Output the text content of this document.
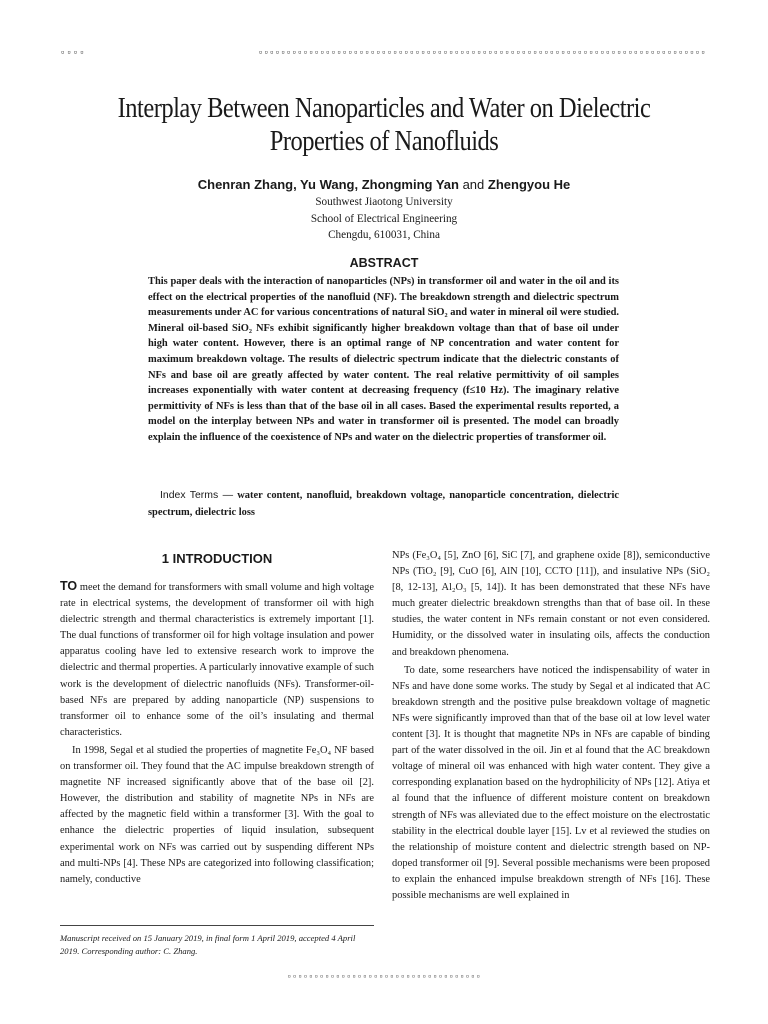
▫▫▫▫	▫▫▫▫▫▫▫▫▫▫▫▫▫▫▫▫▫▫▫▫▫▫▫▫▫▫▫▫▫▫▫▫▫▫▫▫▫▫▫▫▫▫▫▫▫▫▫▫▫▫▫▫▫▫▫▫▫▫▫▫▫▫▫▫▫▫▫▫▫▫▫▫▫▫▫▫▫▫▫▫
Interplay Between Nanoparticles and Water on Dielectric Properties of Nanofluids
Chenran Zhang, Yu Wang, Zhongming Yan and Zhengyou He
Southwest Jiaotong University
School of Electrical Engineering
Chengdu, 610031, China
ABSTRACT
This paper deals with the interaction of nanoparticles (NPs) in transformer oil and water in the oil and its effect on the electrical properties of the nanofluid (NF). The breakdown strength and dielectric spectrum measurements under AC for various concentrations of natural SiO₂ and water in mineral oil were studied. Mineral oil-based SiO₂ NFs exhibit significantly higher breakdown voltage than that of base oil under high water content. However, there is an optimal range of NP concentration and water content for maximum breakdown voltage. The results of dielectric spectrum indicate that the dielectric constants of NFs and base oil are greatly affected by water content. The real relative permittivity of oil samples increases exponentially with water content at decreasing frequency (f≤10 Hz). The imaginary relative permittivity of NFs is less than that of the base oil in all cases. Based the experimental results reported, a model on the interplay between NPs and water in transformer oil is presented. The model can broadly explain the influence of the coexistence of NPs and water on the dielectric properties of transformer oil.
Index Terms — water content, nanofluid, breakdown voltage, nanoparticle concentration, dielectric spectrum, dielectric loss
1 INTRODUCTION

TO meet the demand for transformers with small volume and high voltage rate in electrical systems, the development of transformer oil with high dielectric strength and thermal characteristics is extremely important [1]. The dual functions of transformer oil for high voltage insulation and power apparatus cooling have led to extensive research work to improve the dielectric and thermal properties. A particularly innovative example of such work is the development of dielectric nanofluids (NFs). Transformer-oil-based NFs are prepared by adding nanoparticle (NP) suspensions to transformer oil to enhance some of the oil’s insulating and thermal characteristics.

In 1998, Segal et al studied the properties of magnetite Fe₃O₄ NF based on transformer oil. They found that the AC impulse breakdown strength of magnetite NF increased significantly above that of the base oil [2]. However, the distribution and stability of magnetite NPs in NFs are affected by the magnetic field within a transformer [3]. With the goal to enhance the dielectric properties of liquid insulation, subsequent experimental work on NFs was carried out by suspending different NPs and multi-NPs [4]. These NPs are categorized into following classification; namely, conductive

NPs (Fe₃O₄ [5], ZnO [6], SiC [7], and graphene oxide [8]), semiconductive NPs (TiO₂ [9], CuO [6], AlN [10], CCTO [11]), and insulative NPs (SiO₂ [8, 12-13], Al₂O₃ [5, 14]). It has been demonstrated that these NFs have much greater dielectric breakdown strengths than that of base oil. In these studies, the water content in NFs remain constant or not even considered. Humidity, or the dissolved water in insulating oils, affects the conduction and breakdown phenomena.

To date, some researchers have noticed the indispensability of water in NFs and have done some works. The study by Segal et al indicated that AC breakdown strength and the positive pulse breakdown voltage of magnetic NFs were significantly improved than that of the base oil at low level water content [3]. It is thought that magnetite NPs in NFs are capable of binding part of the water dissolved in the oil. Jin et al found that the AC breakdown voltage of mineral oil was enhanced with high water content. They give a corresponding explanation based on the hydrophilicity of NPs [12]. Atiya et al found that the influence of different moisture content on breakdown strength of NFs was alleviated due to the effect moisture on the electrostatic stability in the electrical double layer [15]. Lv et al reviewed the studies on the relationship of moisture content and dielectric strength based on NP-doped transformer oil [9]. Several possible mechanisms were been proposed to explain the enhanced impulse breakdown strength of NFs [16]. These possible mechanisms are well explained in

Manuscript received on 15 January 2019, in final form 1 April 2019, accepted 4 April 2019. Corresponding author: C. Zhang.
▫▫▫▫▫▫▫▫▫▫▫▫▫▫▫▫▫▫▫▫▫▫▫▫▫▫▫▫▫▫▫▫▫▫▫▫
